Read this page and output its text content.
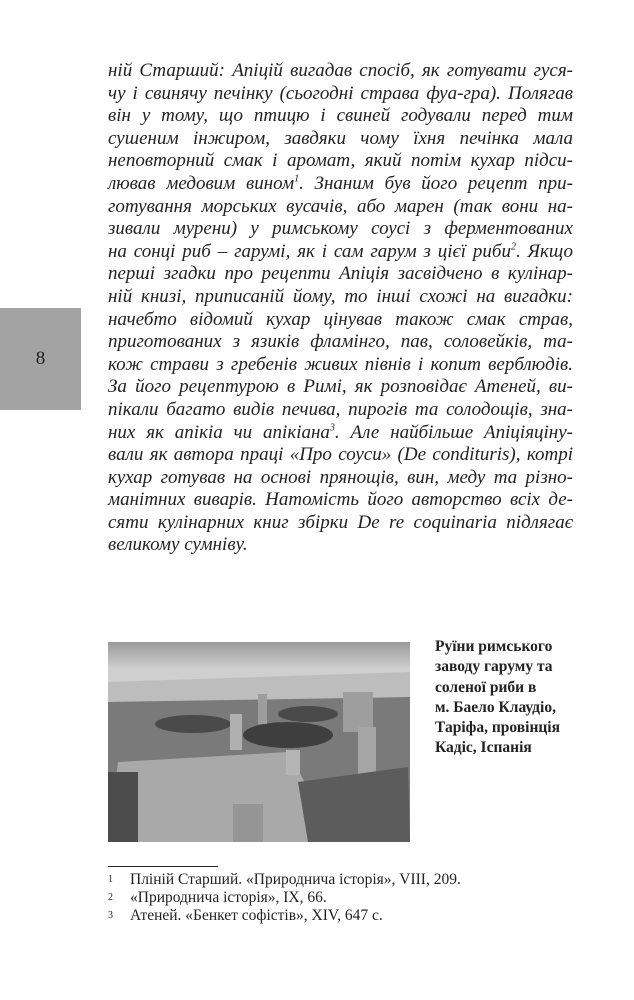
8
ній Старший: Апіцій вигадав спосіб, як готувати гуся-
чу і свинячу печінку (сьогодні страва фуа-гра). Полягав
він у тому, що птицю і свиней годували перед тим
сушеним інжиром, завдяки чому їхня печінка мала
неповторний смак і аромат, який потім кухар підси-
лював медовим вином$^1$. Знаним був його рецепт при-
готування морських вусачів, або марен (так вони на-
зивали мурени) у римському соусі з ферментованих
на сонці риб – гарумі, як і сам гарум з цієї риби$^2$. Якщо
перші згадки про рецепти Апіція засвідчено в кулінар-
ній книзі, приписаній йому, то інші схожі на вигадки:
начебто відомий кухар цінував також смак страв,
приготованих з язиків фламінго, пав, соловейків, та-
кож страви з гребенів живих півнів і копит верблюдів.
За його рецептурою в Римі, як розповідає Атеней, ви-
пікали багато видів печива, пирогів та солодощів, зна-
них як апікіа чи апікіана$^3$. Але найбільше Апіціяціну-
вали як автора праці «Про соуси» (De condituris), котрі
кухар готував на основі прянощів, вин, меду та різно-
манітних виварів. Натомість його авторство всіх де-
сяти кулінарних книг збірки De re coquinaria підлягає
великому сумніву.
Руїни римського
заводу гаруму та
соленої риби в
м. Баело Клаудіо,
Таріфа, провінція
Кадіс, Іспанія
1 Пліній Старший. «Природнича історія», VIII, 209.
2 «Природнича історія», IX, 66.
3 Атеней. «Бенкет софістів», XIV, 647 с.
